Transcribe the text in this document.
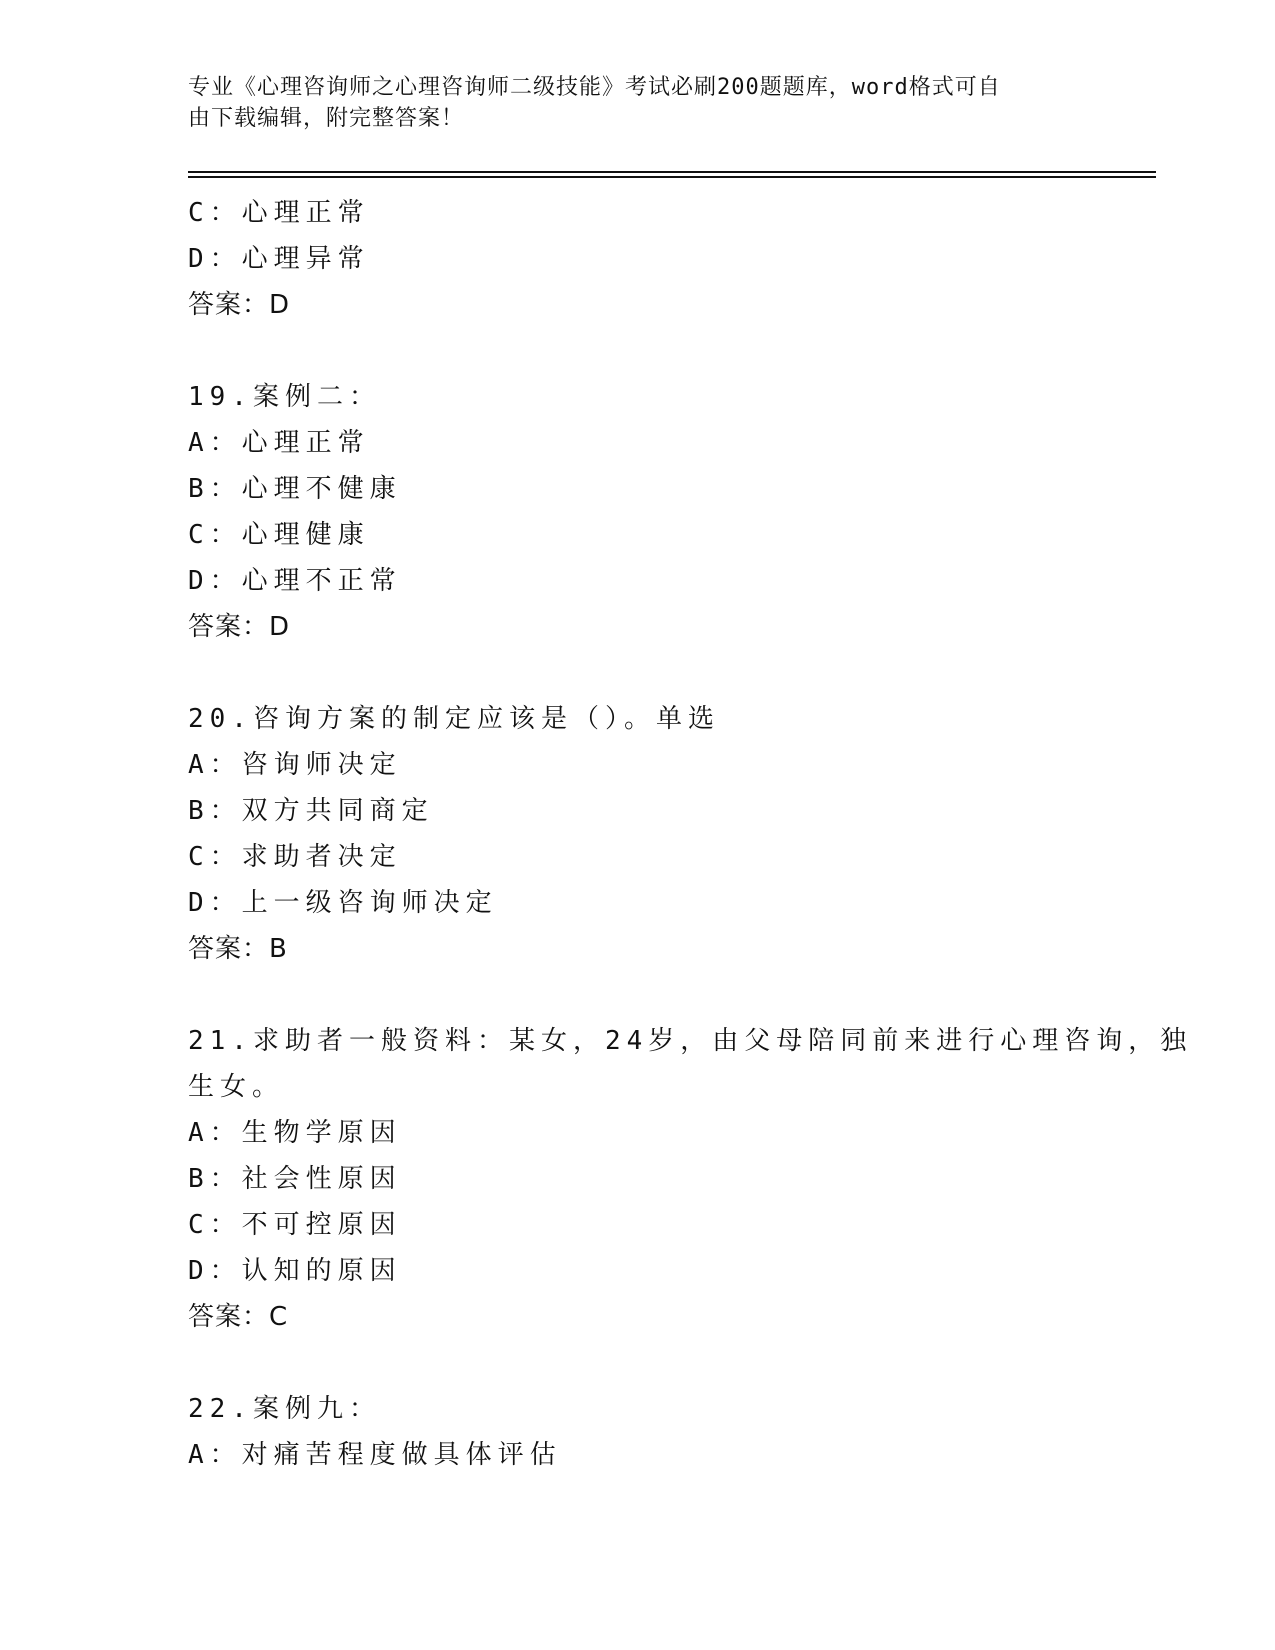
专业《心理咨询师之心理咨询师二级技能》考试必刷200题题库，word格式可自
由下载编辑，附完整答案！
C：心理正常
D：心理异常
答案：D
19.案例二：
A：心理正常
B：心理不健康
C：心理健康
D：心理不正常
答案：D
20.咨询方案的制定应该是（）。单选
A：咨询师决定
B：双方共同商定
C：求助者决定
D：上一级咨询师决定
答案：B
21.求助者一般资料：某女，24岁，由父母陪同前来进行心理咨询，独
生女。
A：生物学原因
B：社会性原因
C：不可控原因
D：认知的原因
答案：C
22.案例九：
A：对痛苦程度做具体评估
